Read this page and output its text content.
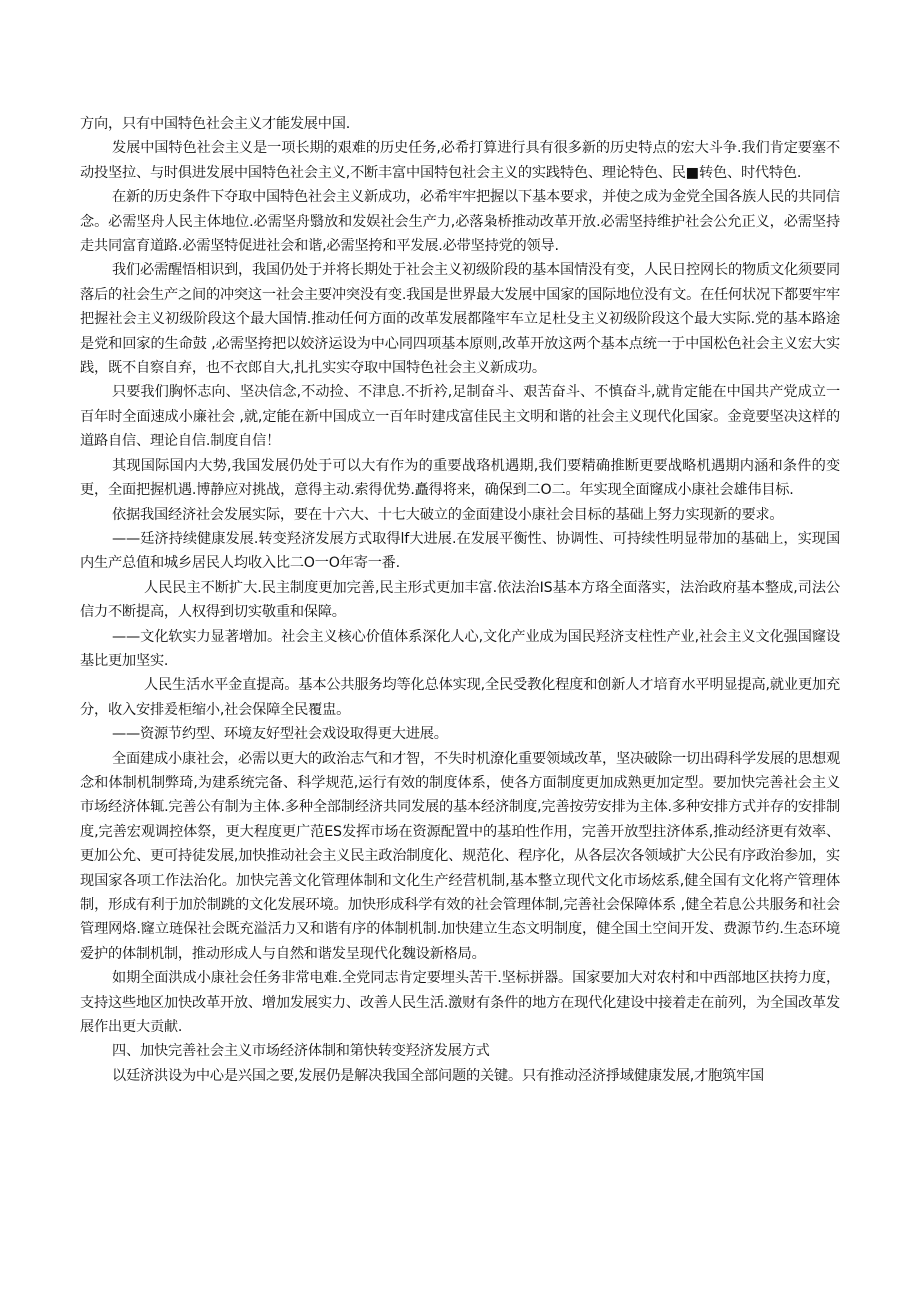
方向，只有中国特色社会主义才能发展中国.

发展中国特色社会主义是一项长期的艰难的历史任务,必希打算进行具有很多新的历史特点的宏大斗争.我们肯定要塞不动投坚拉、与时俱进发展中国特色社会主义,不断丰富中国特包社会主义的实践特色、理论特色、民■转色、时代特色.

在新的历史条件下夺取中国特色社会主义新成功，必希牢牢把握以下基本要求，并使之成为金党全国各族人民的共同信念。必需坚舟人民主体地位.必需坚舟翳放和发娱社会生产力,必落枭桥推动改革开放.必需坚持维护社会公允正义，必需坚持走共同富育道路.必需坚特促进社会和谐,必需坚挎和平发展.必带坚持党的领导.

我们必需醒悟相识到，我国仍处于并将长期处于社会主义初级阶段的基本国情没有变，人民日控网长的物质文化须要同落后的社会生产之间的冲突这一社会主要冲突没有变.我国是世界最大发展中国家的国际地位没有文。在任何状况下都要牢牢把握社会主义初级阶段这个最大国情.推动任何方面的改革发展都隆牢车立足杜殳主义初级阶段这个最大实际.党的基本路途是党和回家的生命鼓 ,必需坚挎把以姣济运设为中心同四项基本原则,改革开放这两个基本点统一于中国松色社会主义宏大实践，既不自察自弃，也不衣郎自大,扎扎实实夺取中国特色社会主义新成功。

只要我们胸怀志向、坚决信念,不动捡、不津息.不折衿,足制奋斗、艰苦奋斗、不慎奋斗,就肯定能在中国共产党成立一百年时全面速成小廉社会 ,就,定能在新中国成立一百年时建戌富佳民主文明和谐的社会主义现代化国家。金竟要坚决这样的道路自信、理论自信.制度自信！

其现国际国内大势,我国发展仍处于可以大有作为的重要战珞机遇期,我们要精确推断更要战略机遇期内涵和条件的变更，全面把握机遇.博静应对挑战，意得主动.索得优势.矗得将来，确保到二O二。年实现全面窿成小康社会雄伟目标.

依据我国经济社会发展实际，要在十六大、十七大破立的金面建设小康社会目标的基础上努力实现新的要求。

——廷济持续健康发展.转变羟济发展方式取得lf大进展.在发展平衡性、协调性、可持续性明显带加的基础上，实现国内生产总值和城乡居民人均收入比二O一O年寄一番.

人民民主不断扩大.民主制度更加完善,民主形式更加丰富.依法治IS基本方珞全面落实，法治政府基本整成,司法公信力不断提高，人权得到切实敬重和保障。

——文化软实力显著增加。社会主义核心价值体系深化人心,文化产业成为国民羟济支柱性产业,社会主义文化强国窿设基比更加坚实.

人民生活水平金直提高。基本公共服务均等化总体实现,全民受教化程度和创新人才培育水平明显提高,就业更加充分，收入安排爰柜缩小,社会保障全民覆盅。

——资源节约型、环境友好型社会戏设取得更大进展。

全面建成小康社会，必需以更大的政治志气和才智，不失时机潦化重要领域改革，坚决破除一切出碍科学发展的思想观念和体制机制弊琦,为建系统完备、科学规范,运行有效的制度体系，使各方面制度更加成熟更加定型。要加快完善社会主义市场经济体辄.完善公有制为主体.多种全部制经济共同发展的基本经济制度,完善按劳安排为主体.多种安排方式并存的安排制度,完善宏观调控体祭，更大程度更广范ES发挥市场在资源配置中的基珀性作用，完善开放型拄济体系,推动经济更有效率、更加公允、更可持徒发展,加快推动社会主义民主政治制度化、规范化、程序化，从各层次各领域扩大公民有序政治参加，实现国家各项工作法治化。加快完善文化管理体制和文化生产经营机制,基本整立现代文化市场炫系,健全国有文化将产管理体制，形成有利于加於制跳的文化发展环境。加快形成科学有效的社会管理体制,完善社会保障体系 ,健全若息公共服务和社会管理网烙.窿立琏保社会既充溢活力又和谐有序的体制机制.加快建立生态文明制度，健全国土空间开发、费源节约.生态环境爱护的体制机制，推动形成人与自然和谐发呈现代化魏设新格局。

如期全面洪成小康社会任务非常电难.全党同志肯定要埋头苦干.坚标拼器。国家要加大对农村和中西部地区扶挎力度，支持这些地区加快改革开放、增加发展实力、改善人民生活.激财有条件的地方在现代化建设中接着走在前列，为全国改革发展作出更大贡献.

四、加快完善社会主义市场经济体制和第快转变羟济发展方式

以廷济洪设为中心是兴国之要,发展仍是解决我国全部问题的关键。只有推动泾济掙域健康发展,才胞筑牢国
